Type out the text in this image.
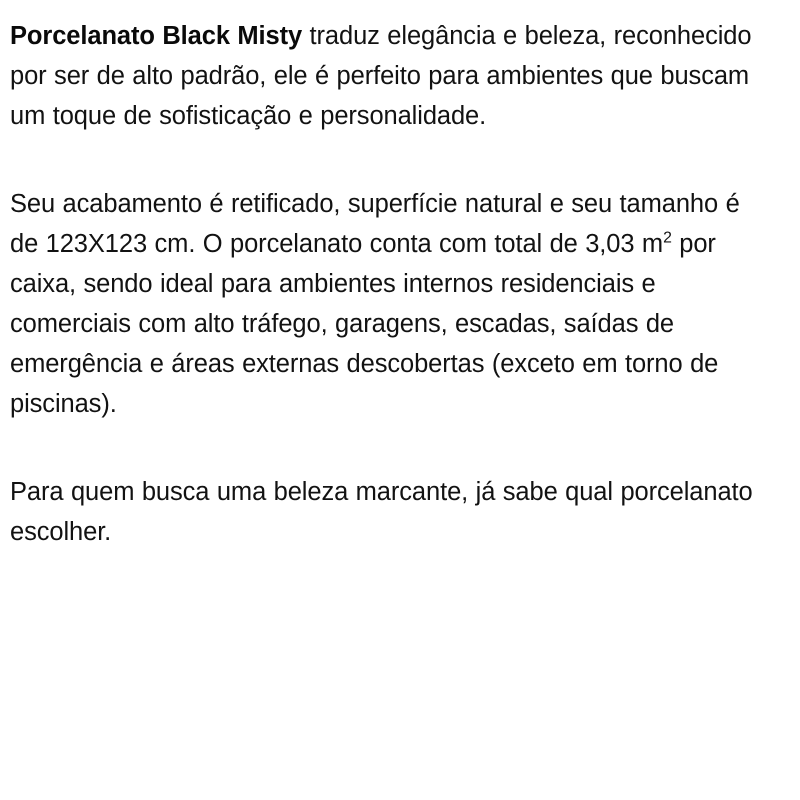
Porcelanato Black Misty traduz elegância e beleza, reconhecido por ser de alto padrão, ele é perfeito para ambientes que buscam um toque de sofisticação e personalidade.

Seu acabamento é retificado, superfície natural e seu tamanho é de 123X123 cm. O porcelanato conta com total de 3,03 $m^2$ por caixa, sendo ideal para ambientes internos residenciais e comerciais com alto tráfego, garagens, escadas, saídas de emergência e áreas externas descobertas (exceto em torno de piscinas).

Para quem busca uma beleza marcante, já sabe qual porcelanato escolher.
